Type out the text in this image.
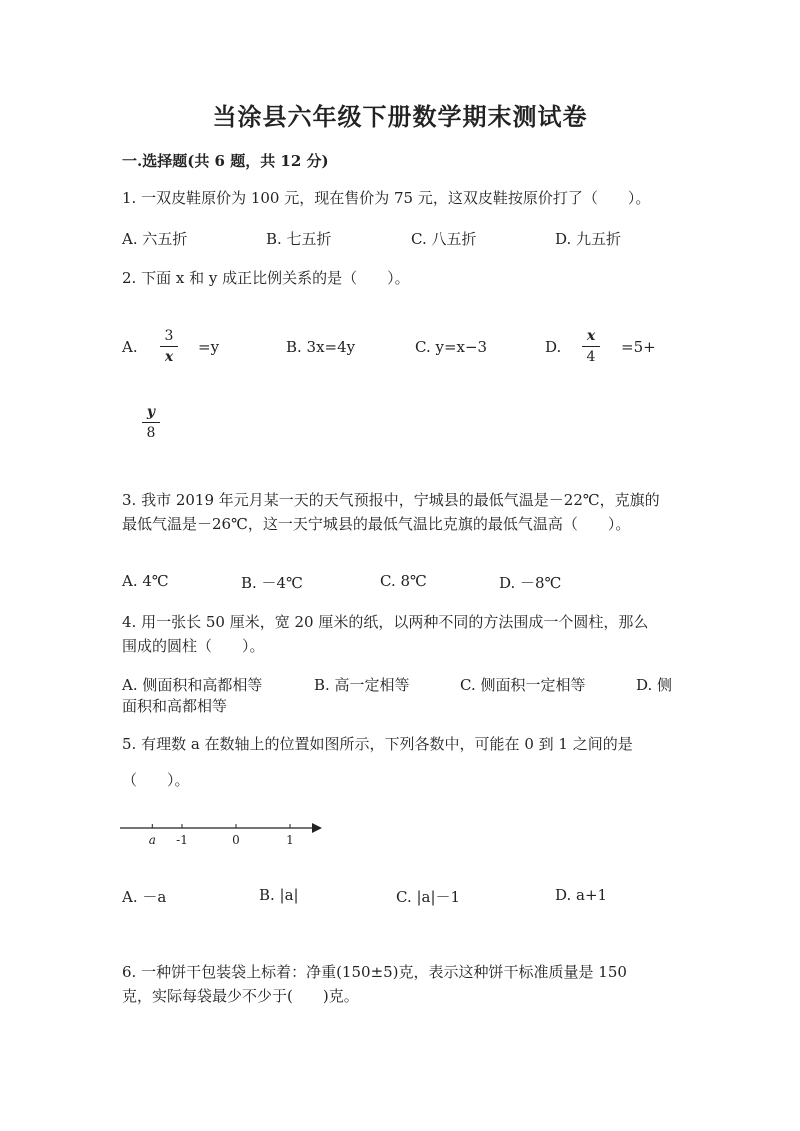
当涂县六年级下册数学期末测试卷
一.选择题(共 6 题，共 12 分)
1. 一双皮鞋原价为 100 元，现在售价为 75 元，这双皮鞋按原价打了（　　）。
A. 六五折	B. 七五折	C. 八五折	D. 九五折
2. 下面 x 和 y 成正比例关系的是（　　）。
A.
3
x
=y	B. 3x=4y	C. y=x−3	D.
x
4
=5+
y
8
3. 我市 2019 年元月某一天的天气预报中，宁城县的最低气温是－22℃，克旗的
最低气温是－26℃，这一天宁城县的最低气温比克旗的最低气温高（　　）。
A. 4℃	B. －4℃	C. 8℃	D. －8℃
4. 用一张长 50 厘米，宽 20 厘米的纸，以两种不同的方法围成一个圆柱，那么
围成的圆柱（　　）。
A. 侧面积和高都相等	B. 高一定相等	C. 侧面积一定相等	D. 侧
面积和高都相等
5. 有理数 a 在数轴上的位置如图所示，下列各数中，可能在 0 到 1 之间的是
（　　）。
a -1	0	1
A. －a	B. |a|	C. |a|－1	D. a+1
6. 一种饼干包装袋上标着：净重(150±5)克，表示这种饼干标准质量是 150
克，实际每袋最少不少于(　　)克。
